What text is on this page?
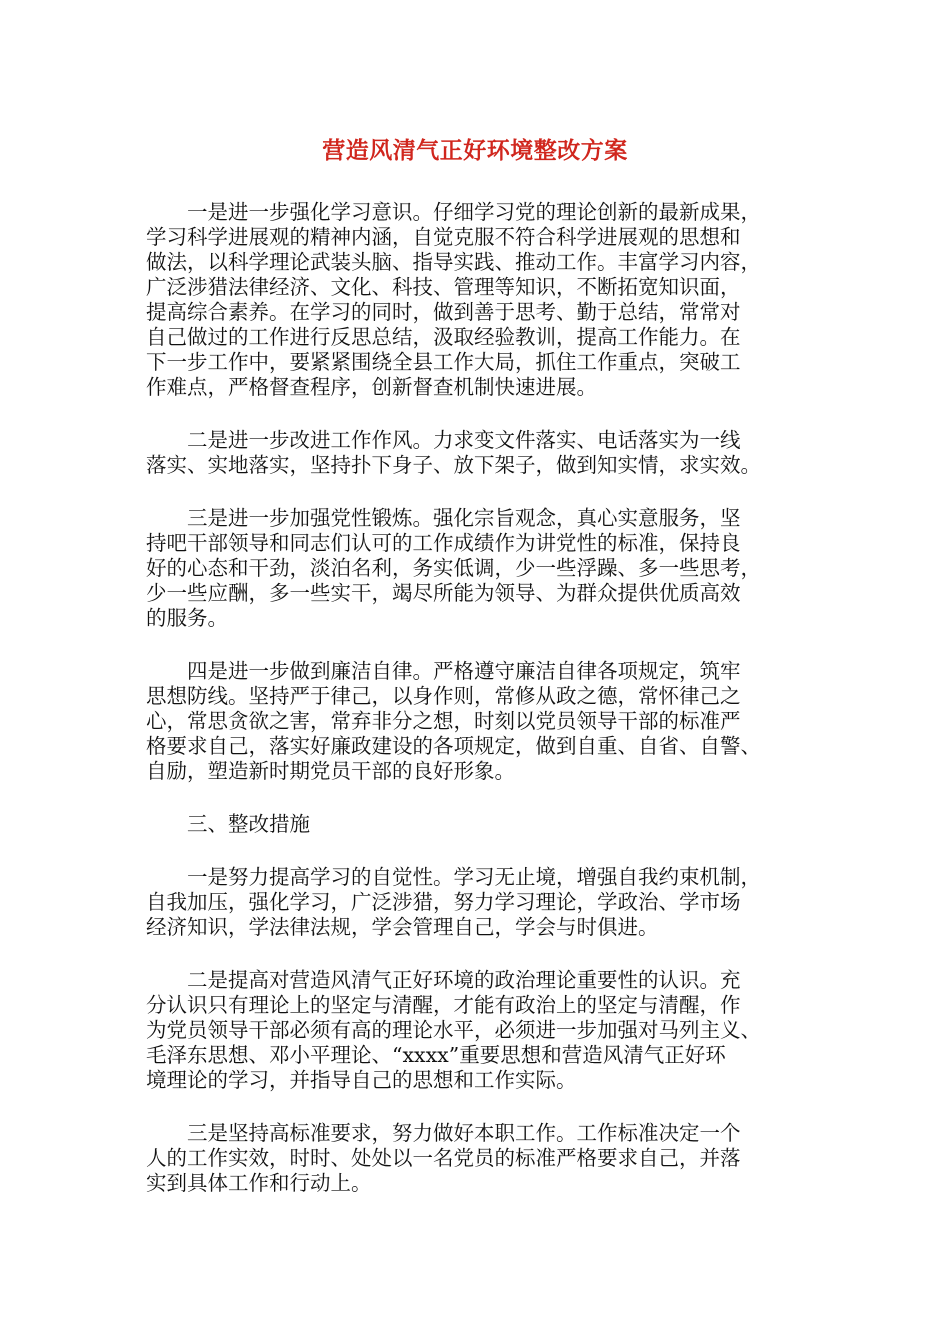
营造风清气正好环境整改方案

一是进一步强化学习意识。仔细学习党的理论创新的最新成果，
学习科学进展观的精神内涵，自觉克服不符合科学进展观的思想和
做法，以科学理论武装头脑、指导实践、推动工作。丰富学习内容，
广泛涉猎法律经济、文化、科技、管理等知识，不断拓宽知识面，
提高综合素养。在学习的同时，做到善于思考、勤于总结，常常对
自己做过的工作进行反思总结，汲取经验教训，提高工作能力。在
下一步工作中，要紧紧围绕全县工作大局，抓住工作重点，突破工
作难点，严格督查程序，创新督查机制快速进展。

二是进一步改进工作作风。力求变文件落实、电话落实为一线
落实、实地落实，坚持扑下身子、放下架子，做到知实情，求实效。

三是进一步加强党性锻炼。强化宗旨观念，真心实意服务，坚
持吧干部领导和同志们认可的工作成绩作为讲党性的标准，保持良
好的心态和干劲，淡泊名利，务实低调，少一些浮躁、多一些思考，
少一些应酬，多一些实干，竭尽所能为领导、为群众提供优质高效
的服务。

四是进一步做到廉洁自律。严格遵守廉洁自律各项规定，筑牢
思想防线。坚持严于律己，以身作则，常修从政之德，常怀律己之
心，常思贪欲之害，常弃非分之想，时刻以党员领导干部的标准严
格要求自己，落实好廉政建设的各项规定，做到自重、自省、自警、
自励，塑造新时期党员干部的良好形象。

三、整改措施

一是努力提高学习的自觉性。学习无止境，增强自我约束机制，
自我加压，强化学习，广泛涉猎，努力学习理论，学政治、学市场
经济知识，学法律法规，学会管理自己，学会与时俱进。

二是提高对营造风清气正好环境的政治理论重要性的认识。充
分认识只有理论上的坚定与清醒，才能有政治上的坚定与清醒，作
为党员领导干部必须有高的理论水平，必须进一步加强对马列主义、
毛泽东思想、邓小平理论、“xxxx”重要思想和营造风清气正好环
境理论的学习，并指导自己的思想和工作实际。

三是坚持高标准要求，努力做好本职工作。工作标准决定一个
人的工作实效，时时、处处以一名党员的标准严格要求自己，并落
实到具体工作和行动上。
